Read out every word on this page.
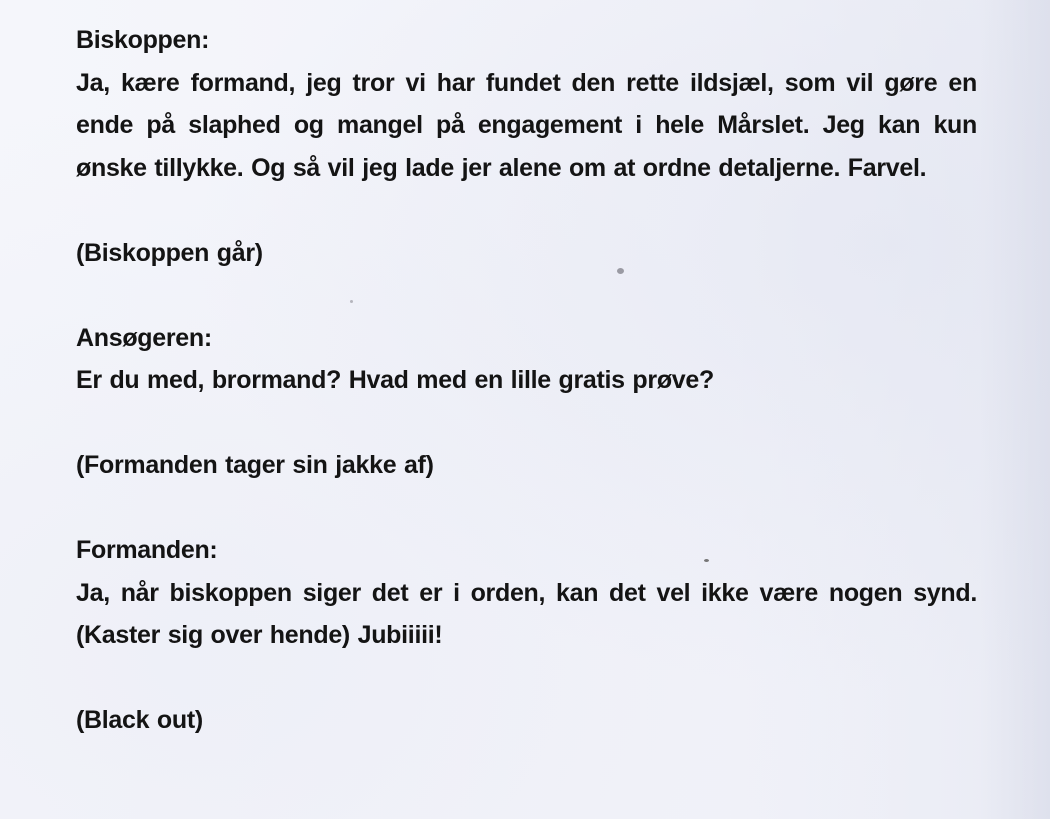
Biskoppen:
Ja, kære formand, jeg tror vi har fundet den rette ildsjæl, som vil gøre en ende på slaphed og mangel på engagement i hele Mårslet. Jeg kan kun ønske tillykke. Og så vil jeg lade jer alene om at ordne detaljerne. Farvel.
(Biskoppen går)
Ansøgeren:
Er du med, brormand? Hvad med en lille gratis prøve?
(Formanden tager sin jakke af)
Formanden:
Ja, når biskoppen siger det er i orden, kan det vel ikke være nogen synd. (Kaster sig over hende) Jubiiiii!
(Black out)
